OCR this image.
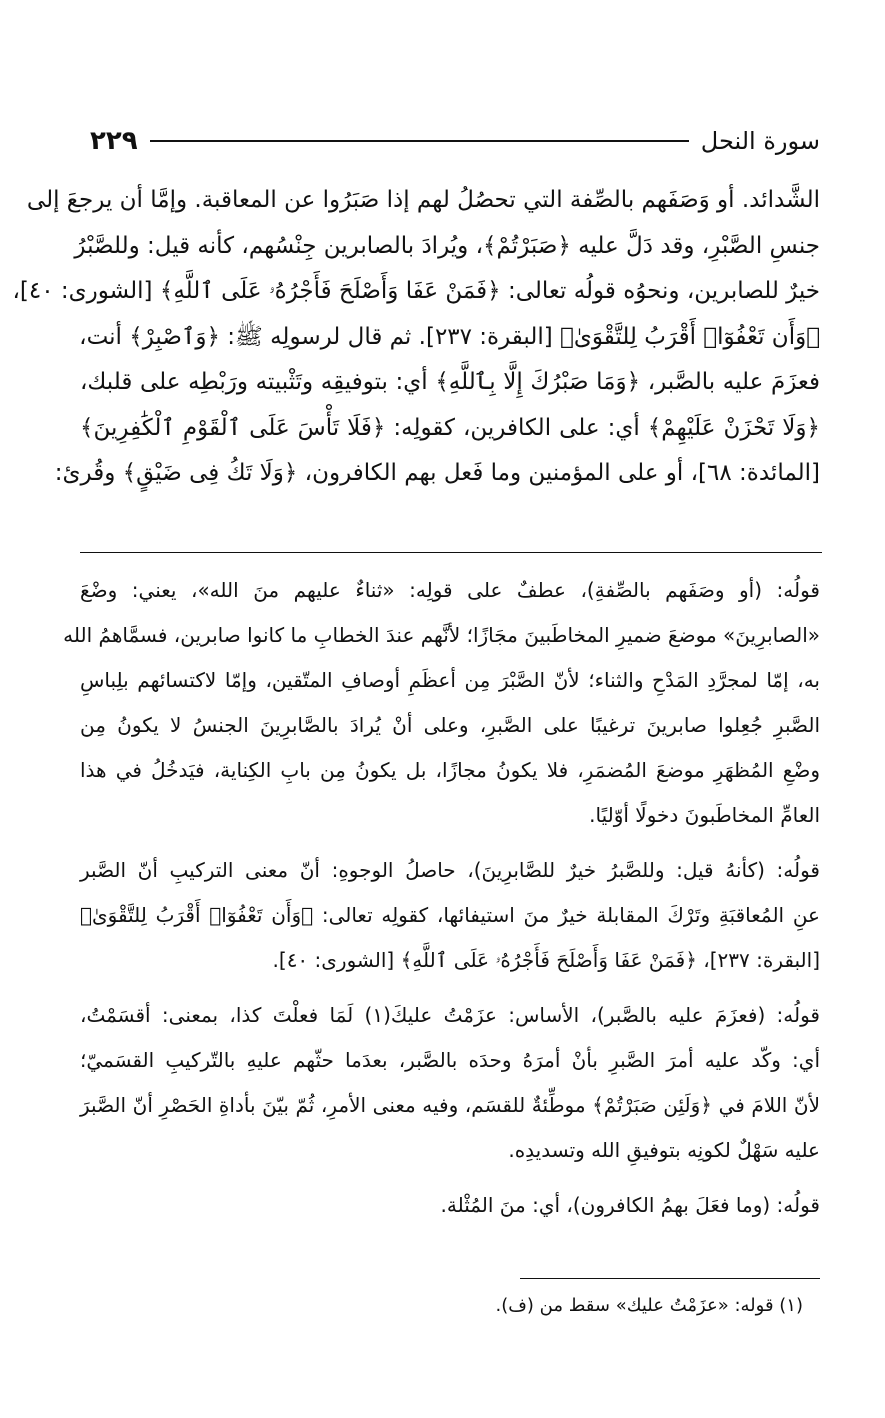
سورة النحل
٢٢٩

الشَّدائد. أو وَصَفَهم بالصِّفة التي تحصُلُ لهم إذا صَبَرُوا عن المعاقبة. وإمَّا أن يرجعَ إلى
جنسِ الصَّبْرِ، وقد دَلَّ عليه ﴿صَبَرْتُمْ﴾، ويُرادَ بالصابرين جِنْسُهم، كأنه قيل: وللصَّبْرُ
خيرٌ للصابرين، ونحوُه قولُه تعالى: ﴿فَمَنْ عَفَا وَأَصْلَحَ فَأَجْرُهُۥ عَلَى ٱللَّهِ﴾ [الشورى: ٤٠]،
﴿وَأَن تَعْفُوٓا۟ أَقْرَبُ لِلتَّقْوَىٰ﴾ [البقرة: ٢٣٧]. ثم قال لرسولِه ﷺ: ﴿وَٱصْبِرْ﴾ أنت،
فعزَمَ عليه بالصَّبر، ﴿وَمَا صَبْرُكَ إِلَّا بِٱللَّهِ﴾ أي: بتوفيقِه وتَثْبيته ورَبْطِه على قلبك،
﴿وَلَا تَحْزَنْ عَلَيْهِمْ﴾ أي: على الكافرين، كقولِه: ﴿فَلَا تَأْسَ عَلَى ٱلْقَوْمِ ٱلْكَٰفِرِينَ﴾
[المائدة: ٦٨]، أو على المؤمنين وما فَعل بهم الكافرون، ﴿وَلَا تَكُ فِى ضَيْقٍ﴾ وقُرئ:

قولُه: (أو وصَفَهم بالصِّفةِ)، عطفٌ على قولِه: «ثناءٌ عليهم منَ الله»، يعني: وضْعَ
«الصابرِينَ» موضعَ ضميرِ المخاطَبينَ مجَازًا؛ لأنَّهم عندَ الخطابِ ما كانوا صابرين، فسمَّاهمُ الله
به، إمّا لمجرَّدِ المَدْحِ والثناء؛ لأنّ الصَّبْرَ مِن أعظَمِ أوصافِ المتّقين، وإمّا لاكتسائهم بلِباسِ
الصَّبرِ جُعِلوا صابرينَ ترغيبًا على الصَّبرِ، وعلى أنْ يُرادَ بالصَّابرِينَ الجنسُ لا يكونُ مِن
وضْعِ المُظهَرِ موضعَ المُضمَرِ، فلا يكونُ مجازًا، بل يكونُ مِن بابِ الكِناية، فيَدخُلُ في هذا
العامِّ المخاطَبونَ دخولًا أوّليًا.
قولُه: (كأنهُ قيل: وللصَّبرُ خيرٌ للصَّابرِينَ)، حاصلُ الوجوهِ: أنّ معنى التركيبِ أنّ الصَّبر
عنِ المُعاقبَةِ وتَرْكَ المقابلة خيرٌ منَ استيفائها، كقولِه تعالى: ﴿وَأَن تَعْفُوٓا۟ أَقْرَبُ لِلتَّقْوَىٰ﴾
[البقرة: ٢٣٧]، ﴿فَمَنْ عَفَا وَأَصْلَحَ فَأَجْرُهُۥ عَلَى ٱللَّهِ﴾ [الشورى: ٤٠].
قولُه: (فعزَمَ عليه بالصَّبر)، الأساس: عزَمْتُ عليكَ(١) لَمَا فعلْتَ كذا، بمعنى: أقسَمْتُ،
أي: وكّد عليه أمرَ الصَّبرِ بأنْ أمرَهُ وحدَه بالصَّبر، بعدَما حثّهم عليهِ بالتّركيبِ القسَميّ؛
لأنّ اللامَ في ﴿وَلَئِن صَبَرْتُمْ﴾ موطِّئةٌ للقسَم، وفيه معنى الأمرِ، ثُمّ بيّنَ بأداةِ الحَصْرِ أنّ الصَّبرَ
عليه سَهْلٌ لكونِه بتوفيقِ الله وتسديدِه.
قولُه: (وما فعَلَ بهمُ الكافرون)، أي: منَ المُثْلة.
(١) قوله: «عزَمْتُ عليك» سقط من (ف).
